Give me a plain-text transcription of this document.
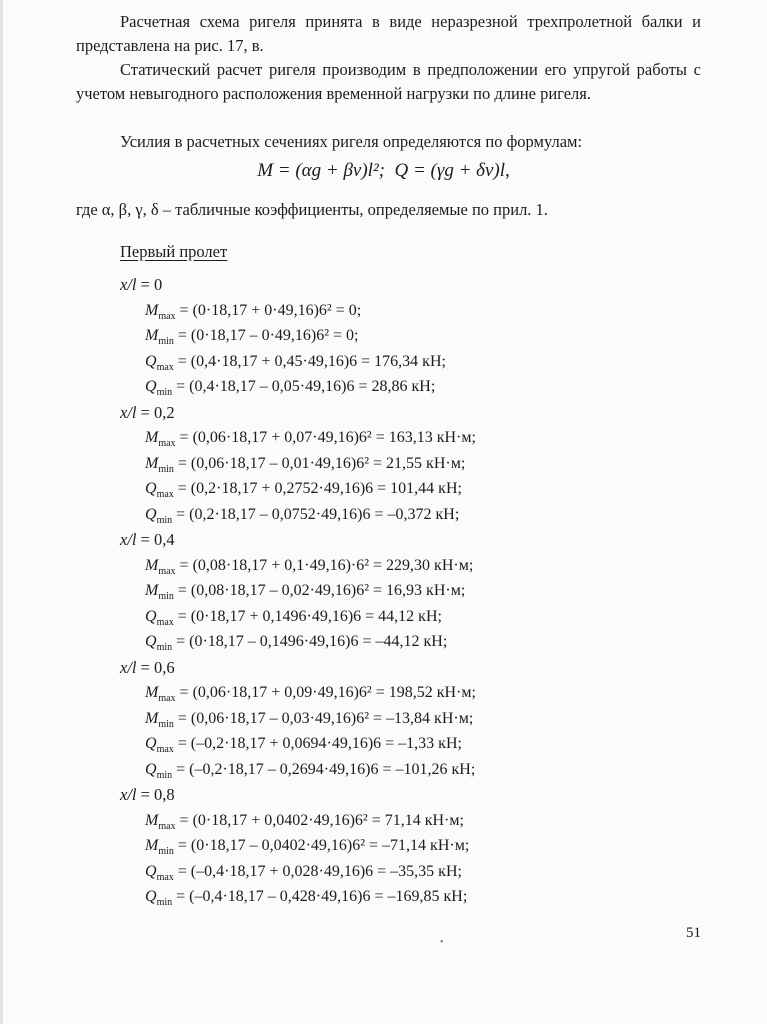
Расчетная схема ригеля принята в виде неразрезной трехпролетной балки и представлена на рис. 17, в.

Статический расчет ригеля производим в предположении его упругой работы с учетом невыгодного расположения временной нагрузки по длине ригеля.

Усилия в расчетных сечениях ригеля определяются по формулам:

M = (αg + βv)l²; Q = (γg + δv)l,
где α, β, γ, δ – табличные коэффициенты, определяемые по прил. 1.
Первый пролет
x/l = 0
$M_{max} = (0\cdot 18,17 + 0\cdot 49,16)6^2 = 0$;
$M_{min} = (0\cdot 18,17 - 0\cdot 49,16)6^2 = 0$;
$Q_{max} = (0,4\cdot 18,17 + 0,45\cdot 49,16)6 = 176,34$ кН;
$Q_{min} = (0,4\cdot 18,17 - 0,05\cdot 49,16)6 = 28,86$ кН;
x/l = 0,2
$M_{max} = (0,06\cdot 18,17 + 0,07\cdot 49,16)6^2 = 163,13$ кН·м;
$M_{min} = (0,06\cdot 18,17 - 0,01\cdot 49,16)6^2 = 21,55$ кН·м;
$Q_{max} = (0,2\cdot 18,17 + 0,2752\cdot 49,16)6 = 101,44$ кН;
$Q_{min} = (0,2\cdot 18,17 - 0,0752\cdot 49,16)6 = -0,372$ кН;
x/l = 0,4
$M_{max} = (0,08\cdot 18,17 + 0,1\cdot 49,16)\cdot 6^2 = 229,30$ кН·м;
$M_{min} = (0,08\cdot 18,17 - 0,02\cdot 49,16)6^2 = 16,93$ кН·м;
$Q_{max} = (0\cdot 18,17 + 0,1496\cdot 49,16)6 = 44,12$ кН;
$Q_{min} = (0\cdot 18,17 - 0,1496\cdot 49,16)6 = -44,12$ кН;
x/l = 0,6
$M_{max} = (0,06\cdot 18,17 + 0,09\cdot 49,16)6^2 = 198,52$ кН·м;
$M_{min} = (0,06\cdot 18,17 - 0,03\cdot 49,16)6^2 = -13,84$ кН·м;
$Q_{max} = (-0,2\cdot 18,17 + 0,0694\cdot 49,16)6 = -1,33$ кН;
$Q_{min} = (-0,2\cdot 18,17 - 0,2694\cdot 49,16)6 = -101,26$ кН;
x/l = 0,8
$M_{max} = (0\cdot 18,17 + 0,0402\cdot 49,16)6^2 = 71,14$ кН·м;
$M_{min} = (0\cdot 18,17 - 0,0402\cdot 49,16)6^2 = -71,14$ кН·м;
$Q_{max} = (-0,4\cdot 18,17 + 0,028\cdot 49,16)6 = -35,35$ кН;
$Q_{min} = (-0,4\cdot 18,17 - 0,428\cdot 49,16)6 = -169,85$ кН;
•
51
